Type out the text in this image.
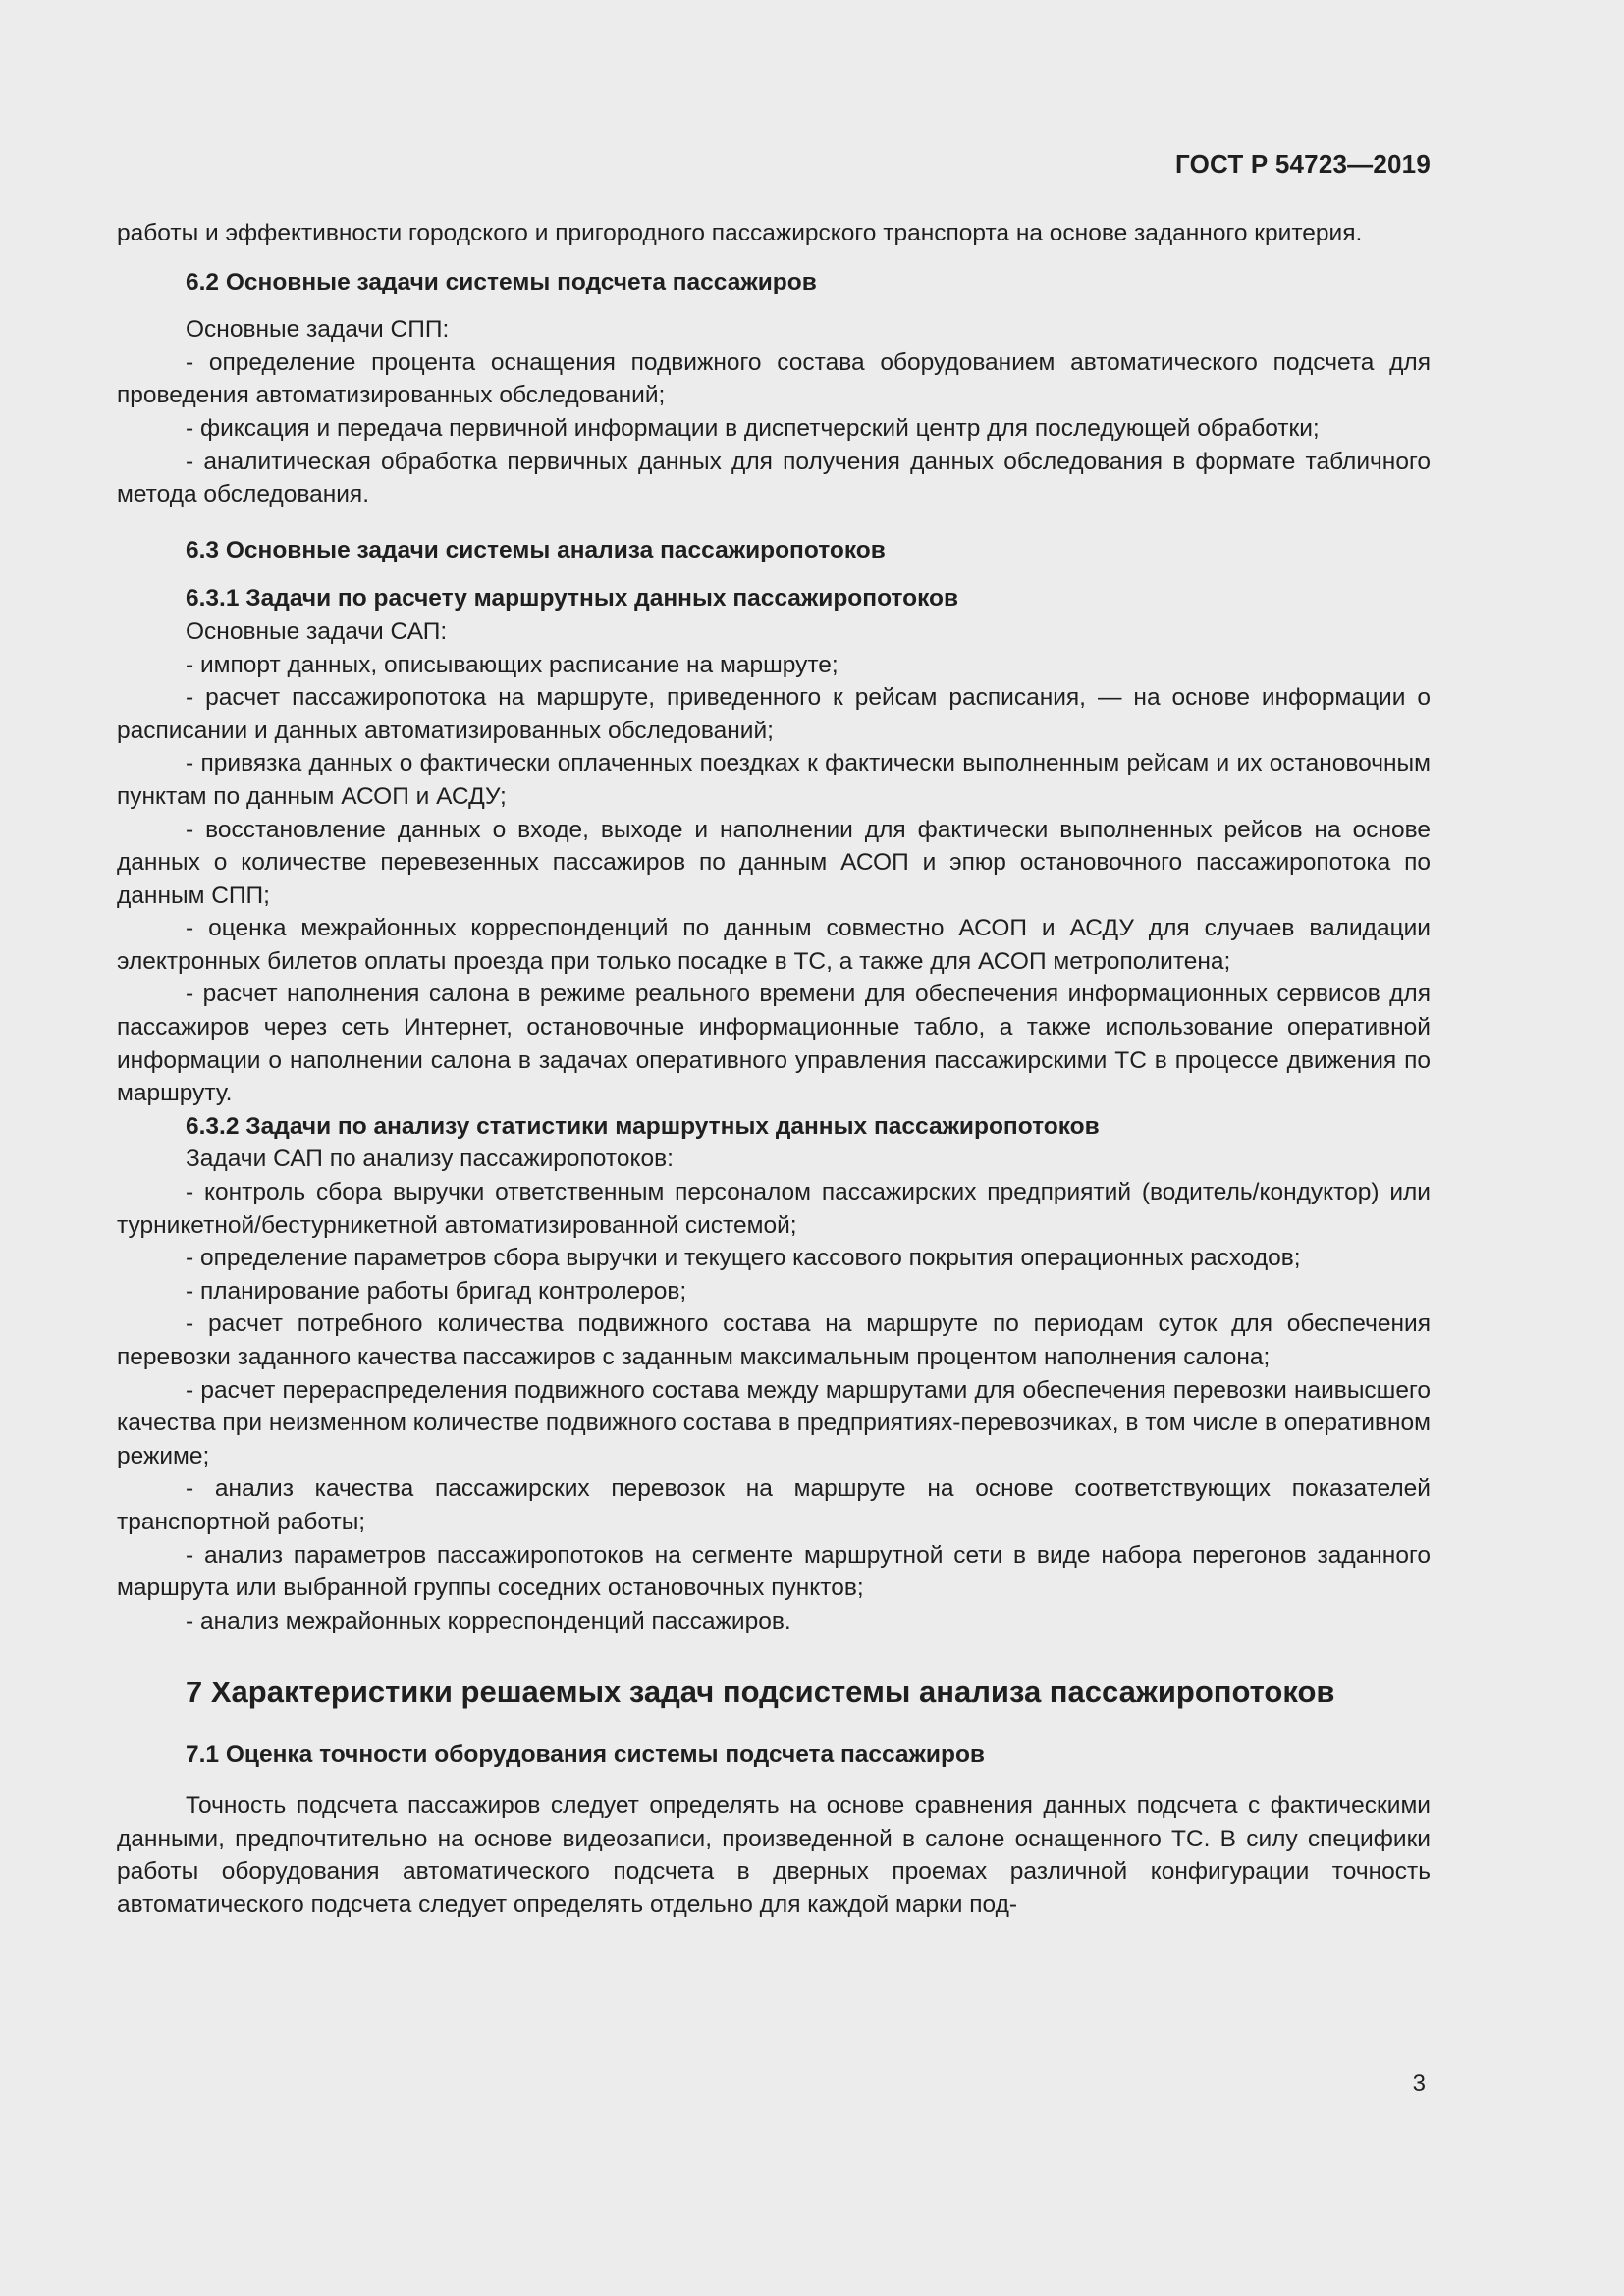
ГОСТ Р 54723—2019

работы и эффективности городского и пригородного пассажирского транспорта на основе заданного критерия.

6.2 Основные задачи системы подсчета пассажиров

Основные задачи СПП:

- определение процента оснащения подвижного состава оборудованием автоматического подсчета для проведения автоматизированных обследований;

- фиксация и передача первичной информации в диспетчерский центр для последующей обработки;

- аналитическая обработка первичных данных для получения данных обследования в формате табличного метода обследования.

6.3 Основные задачи системы анализа пассажиропотоков

6.3.1 Задачи по расчету маршрутных данных пассажиропотоков

Основные задачи САП:

- импорт данных, описывающих расписание на маршруте;

- расчет пассажиропотока на маршруте, приведенного к рейсам расписания, — на основе информации о расписании и данных автоматизированных обследований;

- привязка данных о фактически оплаченных поездках к фактически выполненным рейсам и их остановочным пунктам по данным АСОП и АСДУ;

- восстановление данных о входе, выходе и наполнении для фактически выполненных рейсов на основе данных о количестве перевезенных пассажиров по данным АСОП и эпюр остановочного пассажиропотока по данным СПП;

- оценка межрайонных корреспонденций по данным совместно АСОП и АСДУ для случаев валидации электронных билетов оплаты проезда при только посадке в ТС, а также для АСОП метрополитена;

- расчет наполнения салона в режиме реального времени для обеспечения информационных сервисов для пассажиров через сеть Интернет, остановочные информационные табло, а также использование оперативной информации о наполнении салона в задачах оперативного управления пассажирскими ТС в процессе движения по маршруту.

6.3.2 Задачи по анализу статистики маршрутных данных пассажиропотоков

Задачи САП по анализу пассажиропотоков:

- контроль сбора выручки ответственным персоналом пассажирских предприятий (водитель/кондуктор) или турникетной/бестурникетной автоматизированной системой;

- определение параметров сбора выручки и текущего кассового покрытия операционных расходов;

- планирование работы бригад контролеров;

- расчет потребного количества подвижного состава на маршруте по периодам суток для обеспечения перевозки заданного качества пассажиров с заданным максимальным процентом наполнения салона;

- расчет перераспределения подвижного состава между маршрутами для обеспечения перевозки наивысшего качества при неизменном количестве подвижного состава в предприятиях-перевозчиках, в том числе в оперативном режиме;

- анализ качества пассажирских перевозок на маршруте на основе соответствующих показателей транспортной работы;

- анализ параметров пассажиропотоков на сегменте маршрутной сети в виде набора перегонов заданного маршрута или выбранной группы соседних остановочных пунктов;

- анализ межрайонных корреспонденций пассажиров.

7 Характеристики решаемых задач подсистемы анализа пассажиропотоков

7.1 Оценка точности оборудования системы подсчета пассажиров

Точность подсчета пассажиров следует определять на основе сравнения данных подсчета с фактическими данными, предпочтительно на основе видеозаписи, произведенной в салоне оснащенного ТС. В силу специфики работы оборудования автоматического подсчета в дверных проемах различной конфигурации точность автоматического подсчета следует определять отдельно для каждой марки под-

3
